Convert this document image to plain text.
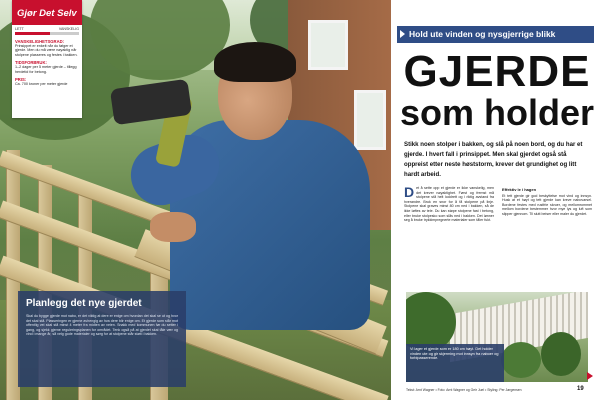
Gjør Det Selv
LETT	VANSKELIG
VANSKELIGHETSGRAD:
Prinsippet er enkelt når du følger et gjerde. Men du må være nøyaktig når stolpene plasseres og festes i bakken.
TIDSFORBRUK:
1–2 dager per 5 meter gjerde – tillegg herdetid for betong.
PRIS:
Ca. 700 kroner per meter gjerde
Planlegg det nye gjerdet

Skal du bygge gjerde mot nabo, er det viktig at dere er enige om hvordan det skal se ut og hvor det skal stå. Plasseringen er gjerne avhengig av hva dere blir enige om. Et gjerde som står mot offentlig vei skal stå minst 4 meter fra midten av veien. Snakk med kommunen før du setter i gang, og sjekk gjerne reguleringsplanen for området. Tenk også på at gjerdet skal tåle vær og vind i mange år, så velg gode materialer og sørg for at stolpene står støtt i bakken.

Hold ute vinden og nysgjerrige blikk
GJERDE
som holder
Stikk noen stolper i bakken, og slå på noen bord, og du har et gjerde. I hvert fall i prinsippet. Men skal gjerdet også stå oppreist etter neste høststorm, krever det grundighet og litt hardt arbeid.
D et å sette opp et gjerde er ikke vanskelig, men det krever nøyaktighet. Først og fremst må stolpene stå helt loddrett og i riktig avstand fra hverandre. Bruk en snor for å få stolpene på linje. Stolpene skal graves minst 80 cm ned i bakken, så de ikke løftes av tele. Du kan støpe stolpene fast i betong, eller bruke stolpesko som slås ned i bakken. Det lønner seg å bruke trykkimpregnerte materialer som tåler fukt.
Effektiv le i hagen
Et tett gjerde gir god beskyttelse mot vind og innsyn. Husk at et høyt og tett gjerde kan kreve nabovarsel. Bordene festes med rustfrie skruer, og mellomrommet mellom bordene bestemmer hvor mye lys og luft som slipper gjennom. Til slutt beiser eller maler du gjerdet.
Vi lager et gjerde som er 180 cm høyt. Det holder vinden ute og gir skjerming mot innsyn fra naboer og forbipasserende.
Tekst: Arnt Wagner • Foto: Arnt Wagner og Geir Juel • Styling: Per Jørgensen	19
